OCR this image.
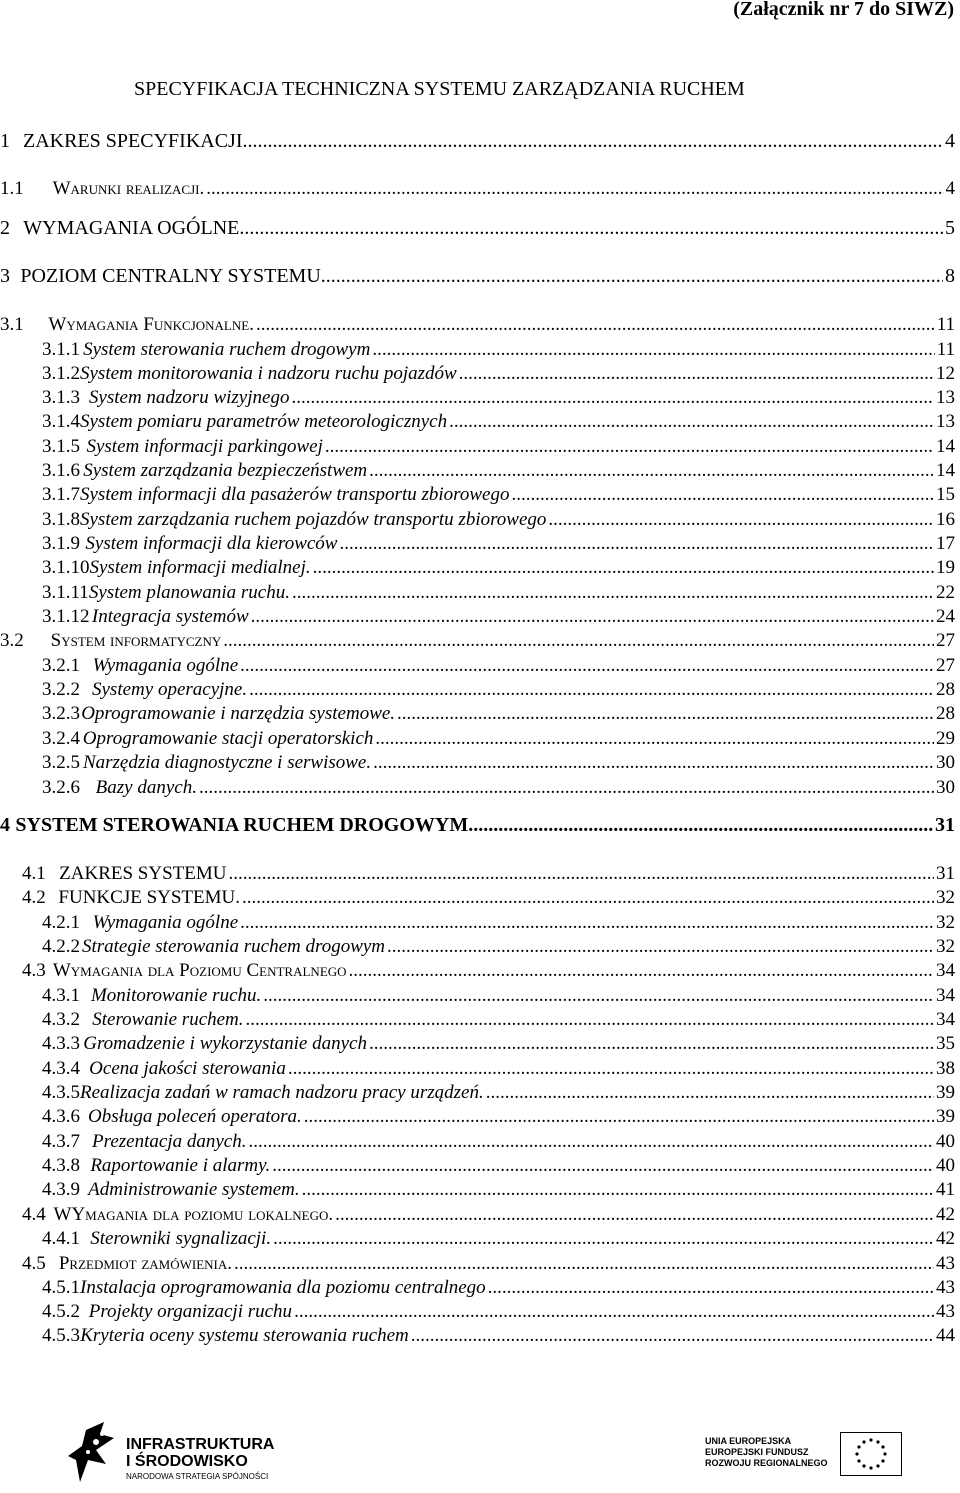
(Załącznik nr 7 do SIWZ)
SPECYFIKACJA TECHNICZNA SYSTEMU ZARZĄDZANIA RUCHEM
1 ZAKRES SPECYFIKACJI. .....	4
1.1	Warunki realizacji. .....	4
2 WYMAGANIA OGÓLNE .....	5
3 POZIOM CENTRALNY SYSTEMU. .....	8
3.1	Wymagania Funkcjonalne. .....	11
3.1.1 System sterowania ruchem drogowym .....	11
3.1.2 System monitorowania i nadzoru ruchu pojazdów .....	12
3.1.3 System nadzoru wizyjnego .....	13
3.1.4 System pomiaru parametrów meteorologicznych .....	13
3.1.5 System informacji parkingowej .....	14
3.1.6 System zarządzania bezpieczeństwem .....	14
3.1.7 System informacji dla pasażerów transportu zbiorowego .....	15
3.1.8 System zarządzania ruchem pojazdów transportu zbiorowego .....	16
3.1.9 System informacji dla kierowców .....	17
3.1.10 System informacji medialnej. .....	19
3.1.11 System planowania ruchu. .....	22
3.1.12 Integracja systemów .....	24
3.2	System informatyczny .....	27
3.2.1 Wymagania ogólne .....	27
3.2.2 Systemy operacyjne. .....	28
3.2.3 Oprogramowanie i narzędzia systemowe. .....	28
3.2.4 Oprogramowanie stacji operatorskich .....	29
3.2.5 Narzędzia diagnostyczne i serwisowe. .....	30
3.2.6 Bazy danych. .....	30
4 SYSTEM STEROWANIA RUCHEM DROGOWYM .....	31
4.1 ZAKRES SYSTEMU .....	31
4.2 FUNKCJE SYSTEMU. .....	32
4.2.1 Wymagania ogólne .....	32
4.2.2 Strategie sterowania ruchem drogowym .....	32
4.3 Wymagania dla Poziomu Centralnego .....	34
4.3.1 Monitorowanie ruchu. .....	34
4.3.2 Sterowanie ruchem. .....	34
4.3.3 Gromadzenie i wykorzystanie danych .....	35
4.3.4 Ocena jakości sterowania .....	38
4.3.5 Realizacja zadań w ramach nadzoru pracy urządzeń. .....	39
4.3.6 Obsługa poleceń operatora. .....	39
4.3.7 Prezentacja danych. .....	40
4.3.8 Raportowanie i alarmy. .....	40
4.3.9 Administrowanie systemem. .....	41
4.4 WYmagania dla poziomu lokalnego. .....	42
4.4.1 Sterowniki sygnalizacji. .....	42
4.5 Przedmiot zamówienia. .....	43
4.5.1 Instalacja oprogramowania dla poziomu centralnego .....	43
4.5.2 Projekty organizacji ruchu .....	43
4.5.3 Kryteria oceny systemu sterowania ruchem .....	44
INFRASTRUKTURA
I ŚRODOWISKO
NARODOWA STRATEGIA SPÓJNOŚCI
UNIA EUROPEJSKA
EUROPEJSKI FUNDUSZ
ROZWOJU REGIONALNEGO
